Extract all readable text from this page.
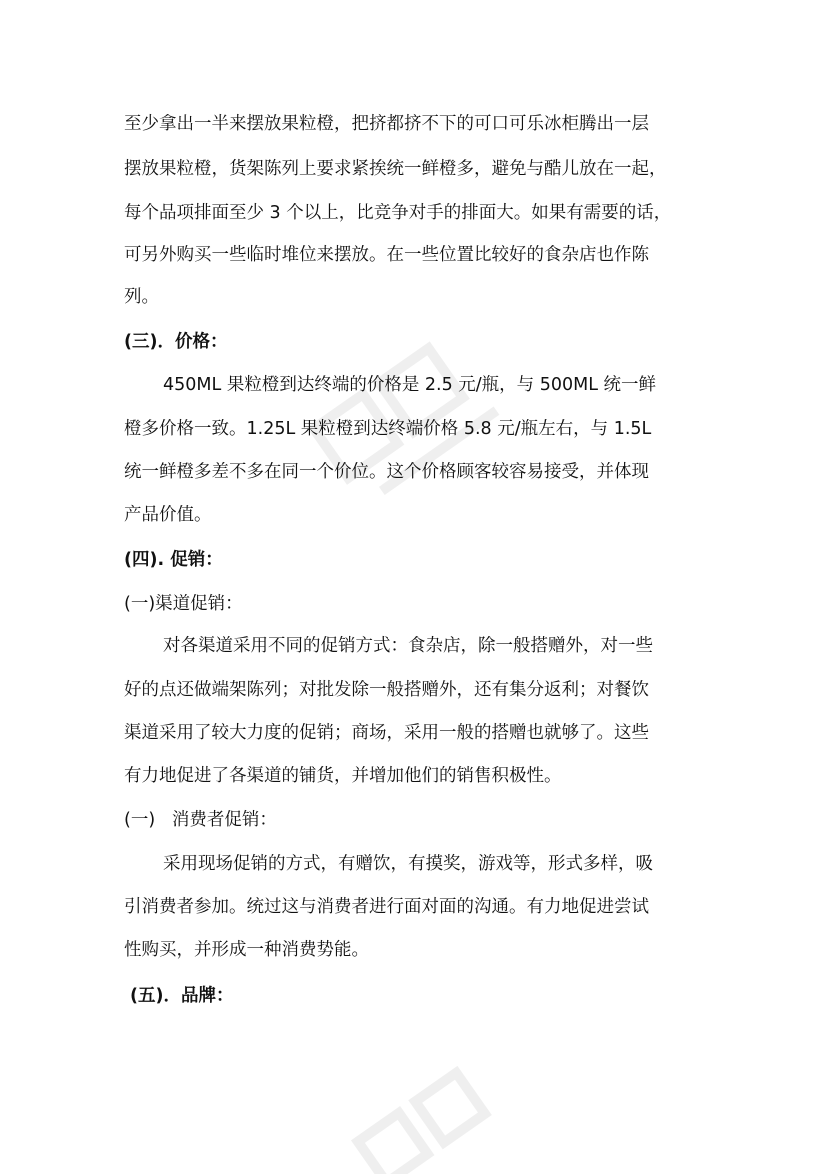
至少拿出一半来摆放果粒橙，把挤都挤不下的可口可乐冰柜腾出一层
摆放果粒橙，货架陈列上要求紧挨统一鲜橙多，避免与酷儿放在一起，
每个品项排面至少 3 个以上，比竞争对手的排面大。如果有需要的话，
可另外购买一些临时堆位来摆放。在一些位置比较好的食杂店也作陈
列。
(三)．价格：
450ML 果粒橙到达终端的价格是 2.5 元/瓶，与 500ML 统一鲜
橙多价格一致。1.25L 果粒橙到达终端价格 5.8 元/瓶左右，与 1.5L
统一鲜橙多差不多在同一个价位。这个价格顾客较容易接受，并体现
产品价值。
(四). 促销：
(一)渠道促销：
对各渠道采用不同的促销方式：食杂店，除一般搭赠外，对一些
好的点还做端架陈列；对批发除一般搭赠外，还有集分返利；对餐饮
渠道采用了较大力度的促销；商场，采用一般的搭赠也就够了。这些
有力地促进了各渠道的铺货，并增加他们的销售积极性。
(一)   消费者促销：
采用现场促销的方式，有赠饮，有摸奖，游戏等，形式多样，吸
引消费者参加。统过这与消费者进行面对面的沟通。有力地促进尝试
性购买，并形成一种消费势能。
(五)．品牌：
